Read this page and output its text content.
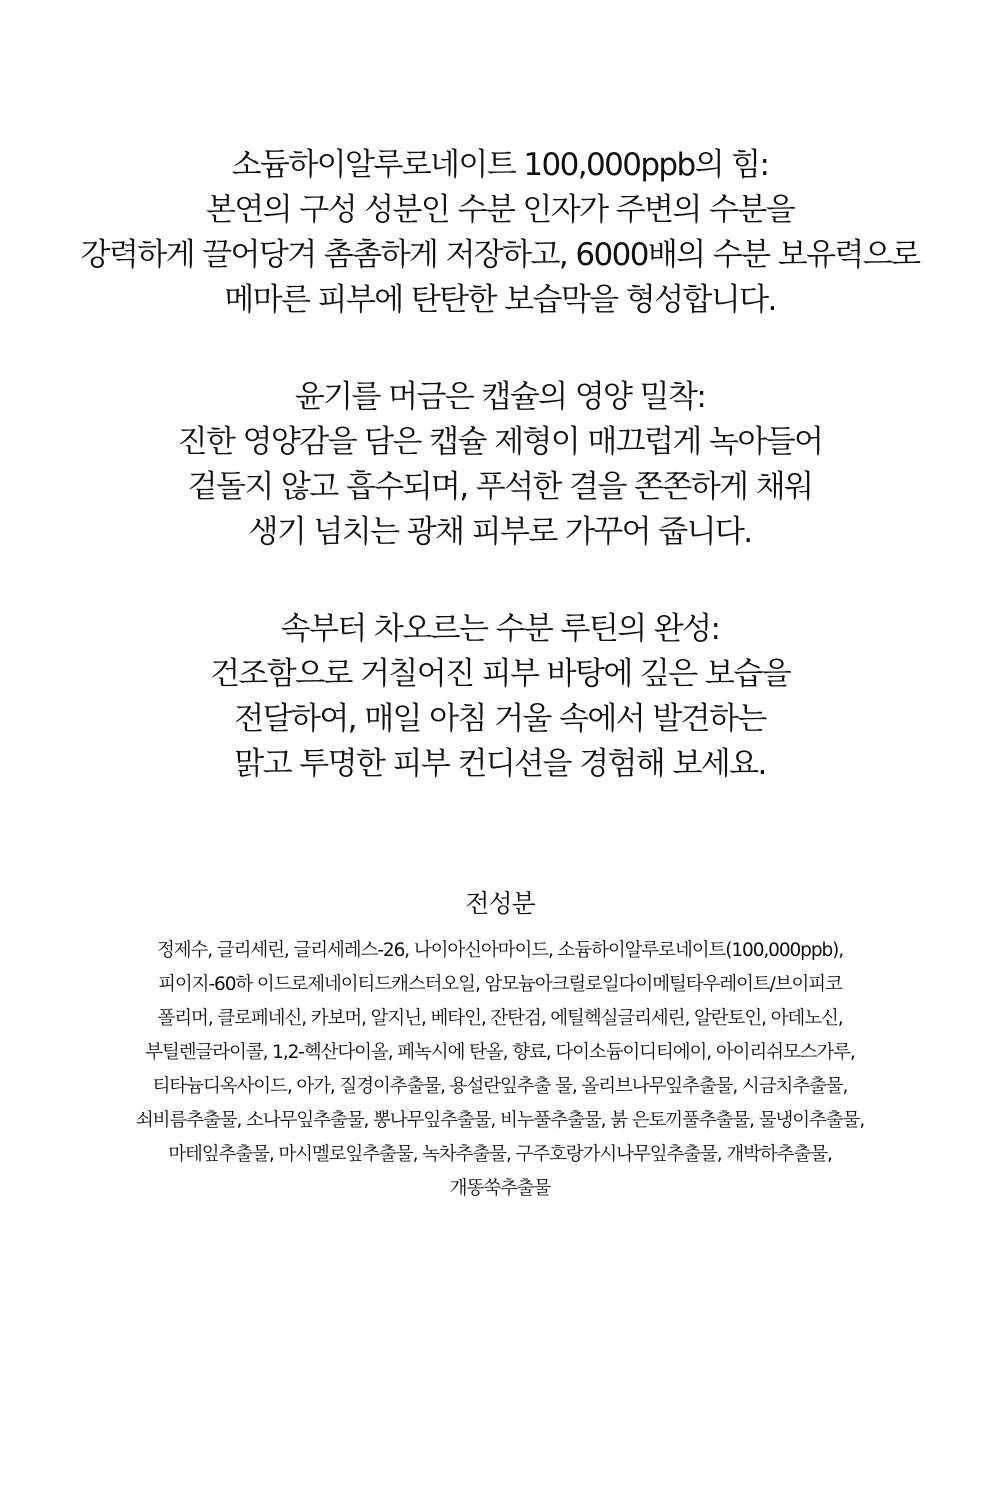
소듐하이알루로네이트 100,000ppb의 힘:
본연의 구성 성분인 수분 인자가 주변의 수분을
강력하게 끌어당겨 촘촘하게 저장하고, 6000배의 수분 보유력으로
메마른 피부에 탄탄한 보습막을 형성합니다.
윤기를 머금은 캡슐의 영양 밀착:
진한 영양감을 담은 캡슐 제형이 매끄럽게 녹아들어
겉돌지 않고 흡수되며, 푸석한 결을 쫀쫀하게 채워
생기 넘치는 광채 피부로 가꾸어 줍니다.
속부터 차오르는 수분 루틴의 완성:
건조함으로 거칠어진 피부 바탕에 깊은 보습을
전달하여, 매일 아침 거울 속에서 발견하는
맑고 투명한 피부 컨디션을 경험해 보세요.
전성분
정제수, 글리세린, 글리세레스-26, 나이아신아마이드, 소듐하이알루로네이트(100,000ppb),
피이지-60하 이드로제네이티드캐스터오일, 암모늄아크릴로일다이메틸타우레이트/브이피코
폴리머, 클로페네신, 카보머, 알지닌, 베타인, 잔탄검, 에틸헥실글리세린, 알란토인, 아데노신,
부틸렌글라이콜, 1,2-헥산다이올, 페녹시에 탄올, 향료, 다이소듐이디티에이, 아이리쉬모스가루,
티타늄디옥사이드, 아가, 질경이추출물, 용설란잎추출 물, 올리브나무잎추출물, 시금치추출물,
쇠비름추출물, 소나무잎추출물, 뽕나무잎추출물, 비누풀추출물, 붉 은토끼풀추출물, 물냉이추출물,
마테잎추출물, 마시멜로잎추출물, 녹차추출물, 구주호랑가시나무잎추출물, 개박하추출물,
개똥쑥추출물
